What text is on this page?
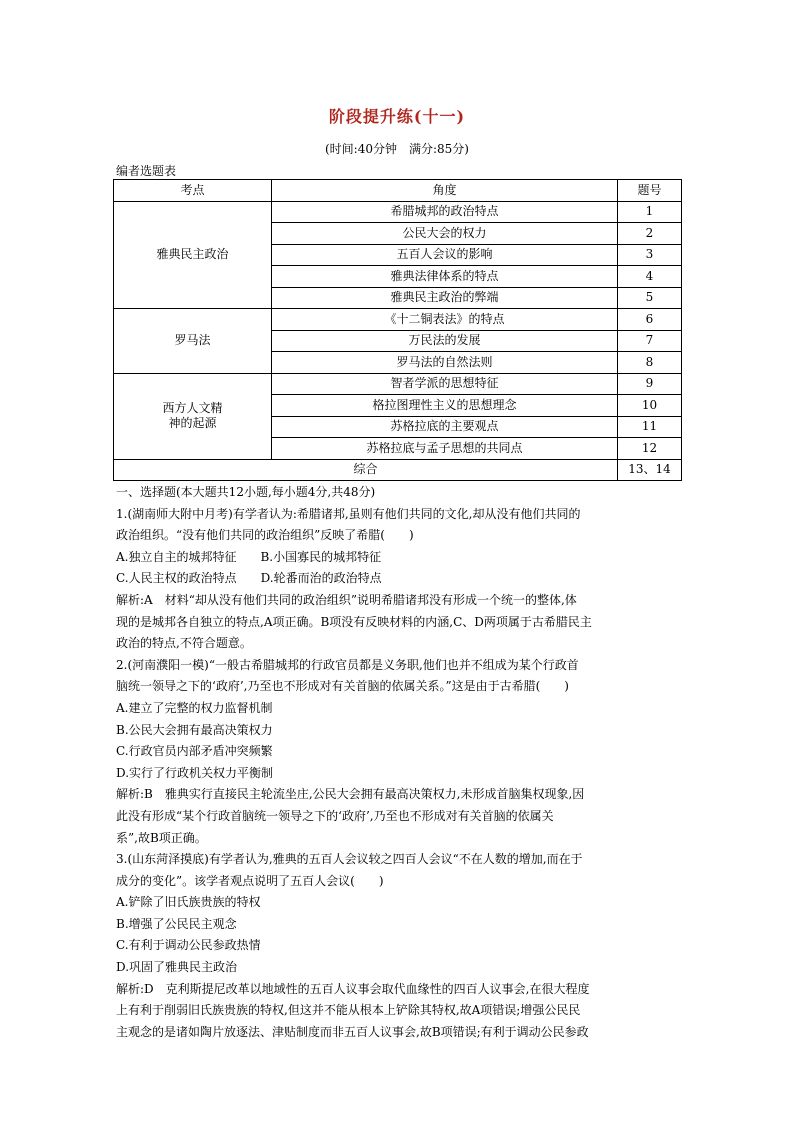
阶段提升练(十一)
(时间:40分钟　满分:85分)
编者选题表
考点	角度	题号
雅典民主政治	希腊城邦的政治特点	1
	公民大会的权力	2
	五百人会议的影响	3
	雅典法律体系的特点	4
	雅典民主政治的弊端	5
罗马法	《十二铜表法》的特点	6
	万民法的发展	7
	罗马法的自然法则	8
西方人文精
神的起源	智者学派的思想特征	9
	格拉图理性主义的思想理念	10
	苏格拉底的主要观点	11
	苏格拉底与孟子思想的共同点	12
综合		13、14

一、选择题(本大题共12小题,每小题4分,共48分)

1.(湖南师大附中月考)有学者认为:希腊诸邦,虽则有他们共同的文化,却从没有他们共同的

政治组织。“没有他们共同的政治组织”反映了希腊(　　)

A.独立自主的城邦特征　　B.小国寡民的城邦特征

C.人民主权的政治特点　　D.轮番而治的政治特点

解析:A　材料“却从没有他们共同的政治组织”说明希腊诸邦没有形成一个统一的整体,体

现的是城邦各自独立的特点,A项正确。B项没有反映材料的内涵,C、D两项属于古希腊民主

政治的特点,不符合题意。

2.(河南濮阳一模)“一般古希腊城邦的行政官员都是义务职,他们也并不组成为某个行政首

脑统一领导之下的‘政府’,乃至也不形成对有关首脑的依属关系。”这是由于古希腊(　　)

A.建立了完整的权力监督机制

B.公民大会拥有最高决策权力

C.行政官员内部矛盾冲突频繁

D.实行了行政机关权力平衡制

解析:B　雅典实行直接民主轮流坐庄,公民大会拥有最高决策权力,未形成首脑集权现象,因

此没有形成“某个行政首脑统一领导之下的‘政府’,乃至也不形成对有关首脑的依属关

系”,故B项正确。

3.(山东菏泽摸底)有学者认为,雅典的五百人会议较之四百人会议“不在人数的增加,而在于

成分的变化”。该学者观点说明了五百人会议(　　)

A.铲除了旧氏族贵族的特权

B.增强了公民民主观念

C.有利于调动公民参政热情

D.巩固了雅典民主政治

解析:D　克利斯提尼改革以地域性的五百人议事会取代血缘性的四百人议事会,在很大程度

上有利于削弱旧氏族贵族的特权,但这并不能从根本上铲除其特权,故A项错误;增强公民民

主观念的是诸如陶片放逐法、津贴制度而非五百人议事会,故B项错误;有利于调动公民参政
